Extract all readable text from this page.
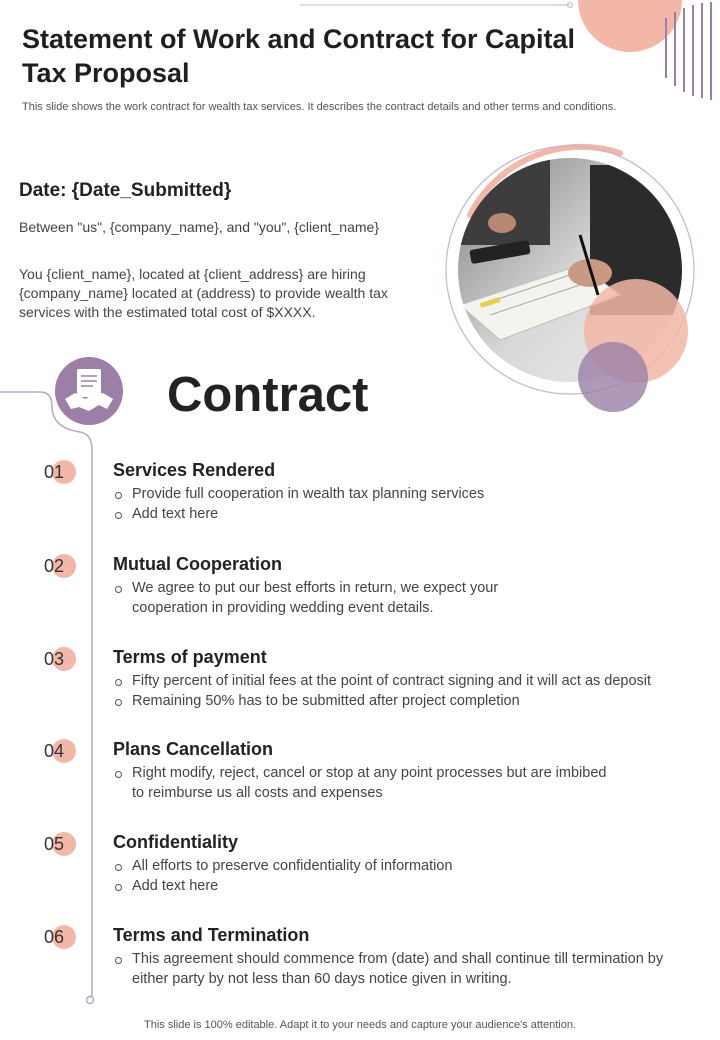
Statement of Work and Contract for Capital Tax Proposal

This slide shows the work contract for wealth tax services. It describes the contract details and other terms and conditions.

Date: {Date_Submitted}

Between "us", {company_name}, and "you", {client_name}

You {client_name}, located at {client_address} are hiring {company_name} located at (address) to provide wealth tax services with the estimated total cost of $XXXX.

Contract
01	Services Rendered
Provide full cooperation in wealth tax planning services
Add text here
02	Mutual Cooperation
We agree to put our best efforts in return, we expect your cooperation in providing wedding event details.
03	Terms of payment
Fifty percent of initial fees at the point of contract signing and it will act as deposit
Remaining 50% has to be submitted after project completion
04	Plans Cancellation
Right modify, reject, cancel or stop at any point processes but are imbibed to reimburse us all costs and expenses
05	Confidentiality
All efforts to preserve confidentiality of information
Add text here
06	Terms and Termination
This agreement should commence from (date) and shall continue till termination by either party by not less than 60 days notice given in writing.

This slide is 100% editable. Adapt it to your needs and capture your audience's attention.
